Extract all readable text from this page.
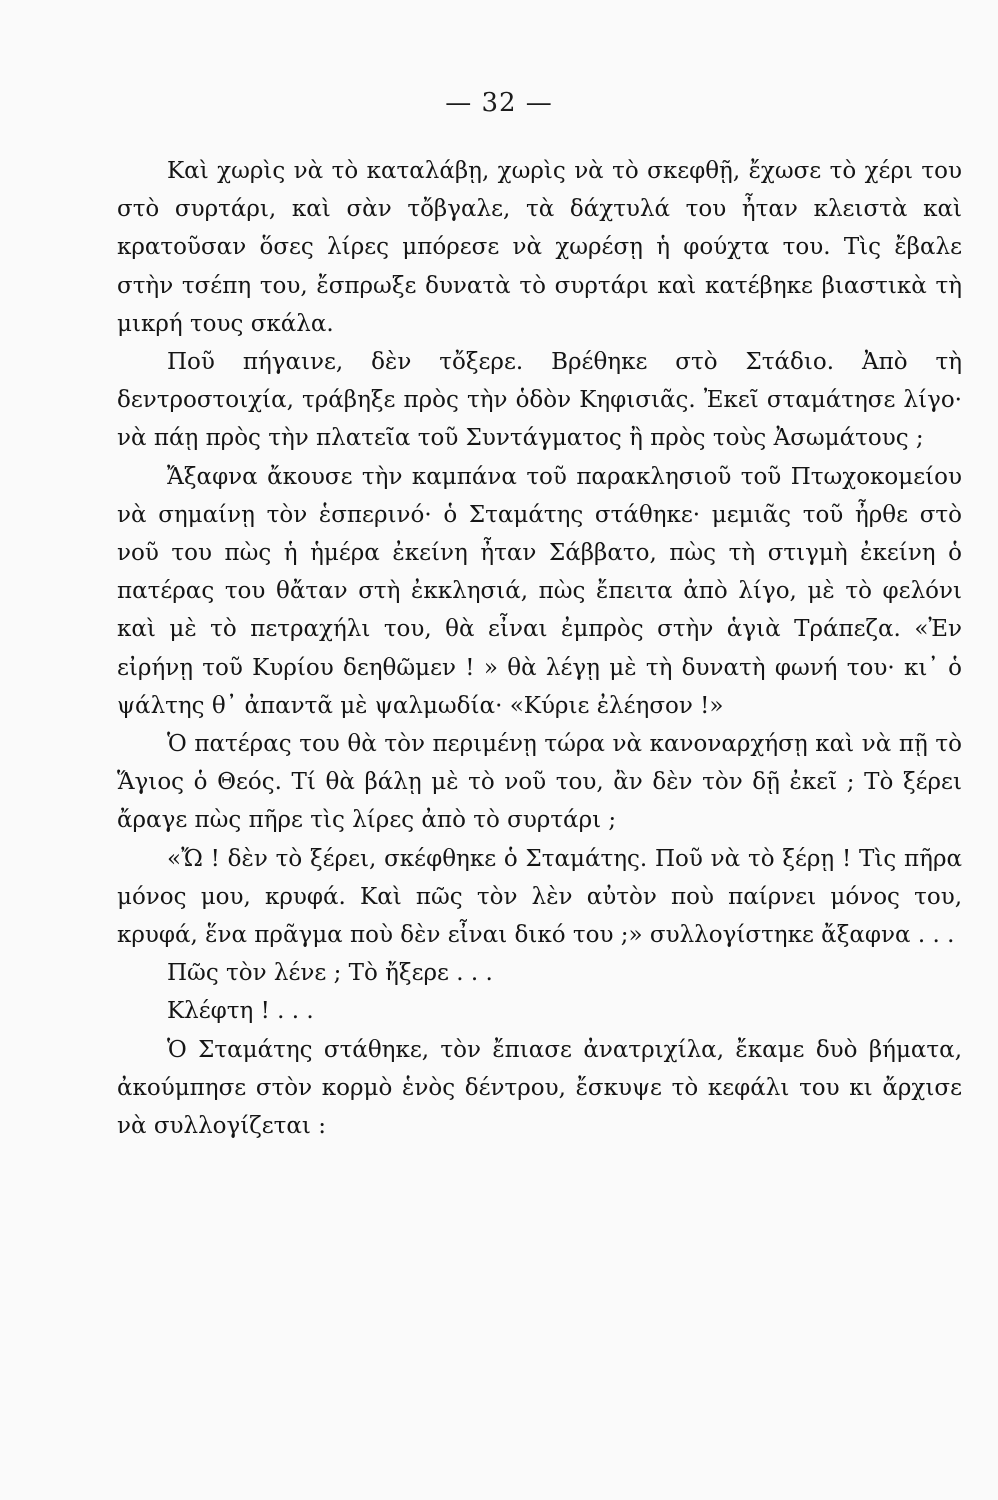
— 32 —

Καὶ χωρὶς νὰ τὸ καταλάβῃ, χωρὶς νὰ τὸ σκεφθῇ, ἔχωσε τὸ χέρι του στὸ συρτάρι, καὶ σὰν τὄβγαλε, τὰ δάχτυλά του ἦταν κλειστὰ καὶ κρατοῦσαν ὅσες λίρες μπόρεσε νὰ χωρέσῃ ἡ φούχτα του. Τὶς ἔβαλε στὴν τσέπη του, ἔσπρωξε δυνατὰ τὸ συρτάρι καὶ κατέβηκε βιαστικὰ τὴ μικρή τους σκάλα.

Ποῦ πήγαινε, δὲν τὄξερε. Βρέθηκε στὸ Στάδιο. Ἀπὸ τὴ δεντροστοιχία, τράβηξε πρὸς τὴν ὁδὸν Κηφισιᾶς. Ἐκεῖ σταμάτησε λίγο· νὰ πάῃ πρὸς τὴν πλατεῖα τοῦ Συντάγματος ἢ πρὸς τοὺς Ἀσωμάτους ;

Ἄξαφνα ἄκουσε τὴν καμπάνα τοῦ παρακλησιοῦ τοῦ Πτωχοκομείου νὰ σημαίνῃ τὸν ἑσπερινό· ὁ Σταμάτης στάθηκε· μεμιᾶς τοῦ ἦρθε στὸ νοῦ του πὼς ἡ ἡμέρα ἐκείνη ἦταν Σάββατο, πὼς τὴ στιγμὴ ἐκείνη ὁ πατέρας του θἄταν στὴ ἐκκλησιά, πὼς ἔπειτα ἀπὸ λίγο, μὲ τὸ φελόνι καὶ μὲ τὸ πετραχήλι του, θὰ εἶναι ἐμπρὸς στὴν ἁγιὰ Τράπεζα. «Ἐν εἰρήνῃ τοῦ Κυρίου δεηθῶμεν ! » θὰ λέγῃ μὲ τὴ δυνατὴ φωνή του· κι᾿ ὁ ψάλτης θ᾿ ἀπαντᾶ μὲ ψαλμωδία· «Κύριε ἐλέησον !»

Ὁ πατέρας του θὰ τὸν περιμένῃ τώρα νὰ κανοναρχήσῃ καὶ νὰ πῇ τὸ Ἅγιος ὁ Θεός. Τί θὰ βάλῃ μὲ τὸ νοῦ του, ἂν δὲν τὸν δῇ ἐκεῖ ; Τὸ ξέρει ἄραγε πὼς πῆρε τὶς λίρες ἀπὸ τὸ συρτάρι ;

«Ὤ ! δὲν τὸ ξέρει, σκέφθηκε ὁ Σταμάτης. Ποῦ νὰ τὸ ξέρῃ ! Τὶς πῆρα μόνος μου, κρυφά. Καὶ πῶς τὸν λὲν αὐτὸν ποὺ παίρνει μόνος του, κρυφά, ἕνα πρᾶγμα ποὺ δὲν εἶναι δικό του ;» συλλογίστηκε ἄξαφνα . . .

Πῶς τὸν λένε ; Τὸ ἤξερε . . .

Κλέφτη ! . . .

Ὁ Σταμάτης στάθηκε, τὸν ἔπιασε ἀνατριχίλα, ἔκαμε δυὸ βήματα, ἀκούμπησε στὸν κορμὸ ἑνὸς δέντρου, ἔσκυψε τὸ κεφάλι του κι ἄρχισε νὰ συλλογίζεται :
